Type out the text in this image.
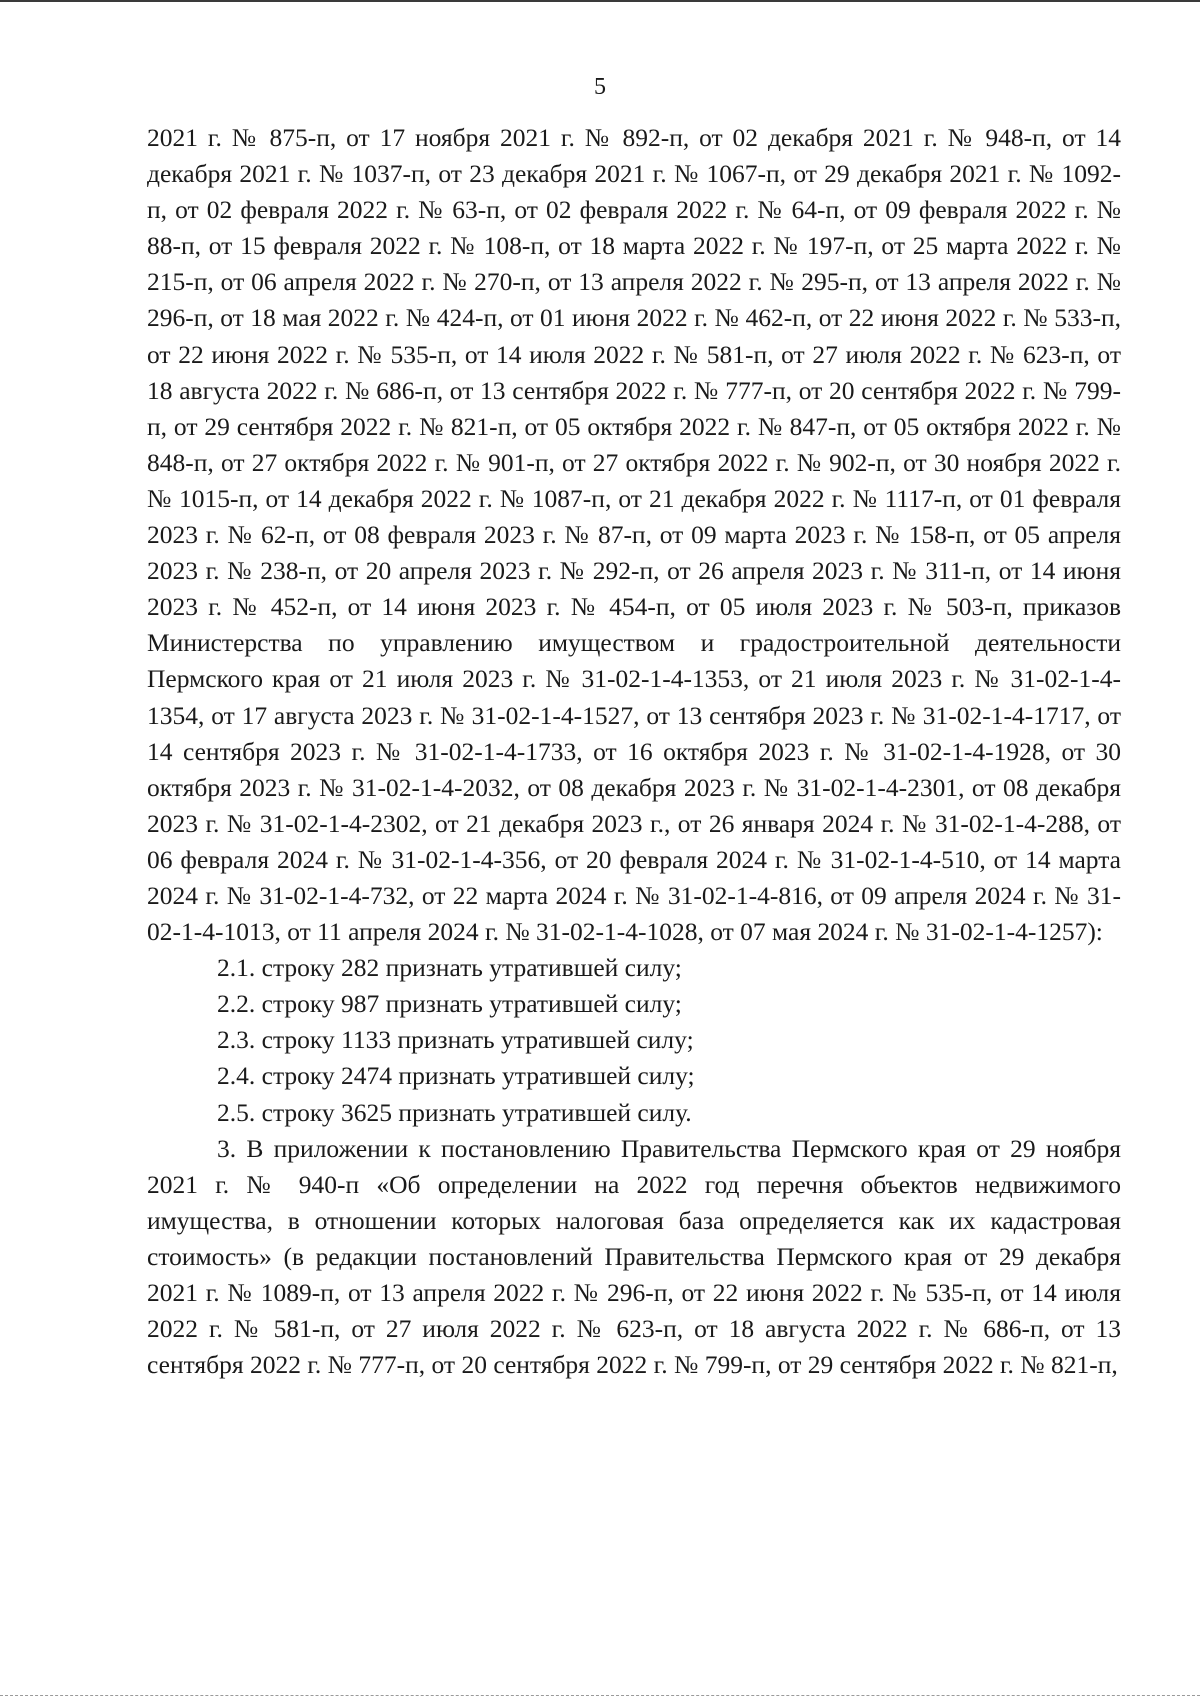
5

2021 г. № 875-п, от 17 ноября 2021 г. № 892-п, от 02 декабря 2021 г. № 948-п, от 14 декабря 2021 г. № 1037-п, от 23 декабря 2021 г. № 1067-п, от 29 декабря 2021 г. № 1092-п, от 02 февраля 2022 г. № 63-п, от 02 февраля 2022 г. № 64-п, от 09 февраля 2022 г. № 88-п, от 15 февраля 2022 г. № 108-п, от 18 марта 2022 г. № 197-п, от 25 марта 2022 г. № 215-п, от 06 апреля 2022 г. № 270-п, от 13 апреля 2022 г. № 295-п, от 13 апреля 2022 г. № 296-п, от 18 мая 2022 г. № 424-п, от 01 июня 2022 г. № 462-п, от 22 июня 2022 г. № 533-п, от 22 июня 2022 г. № 535-п, от 14 июля 2022 г. № 581-п, от 27 июля 2022 г. № 623-п, от 18 августа 2022 г. № 686-п, от 13 сентября 2022 г. № 777-п, от 20 сентября 2022 г. № 799-п, от 29 сентября 2022 г. № 821-п, от 05 октября 2022 г. № 847-п, от 05 октября 2022 г. № 848-п, от 27 октября 2022 г. № 901-п, от 27 октября 2022 г. № 902-п, от 30 ноября 2022 г. № 1015-п, от 14 декабря 2022 г. № 1087-п, от 21 декабря 2022 г. № 1117-п, от 01 февраля 2023 г. № 62-п, от 08 февраля 2023 г. № 87-п, от 09 марта 2023 г. № 158-п, от 05 апреля 2023 г. № 238-п, от 20 апреля 2023 г. № 292-п, от 26 апреля 2023 г. № 311-п, от 14 июня 2023 г. № 452-п, от 14 июня 2023 г. № 454-п, от 05 июля 2023 г. № 503-п, приказов Министерства по управлению имуществом и градостроительной деятельности Пермского края от 21 июля 2023 г. № 31-02-1-4-1353, от 21 июля 2023 г. № 31-02-1-4-1354, от 17 августа 2023 г. № 31-02-1-4-1527, от 13 сентября 2023 г. № 31-02-1-4-1717, от 14 сентября 2023 г. № 31-02-1-4-1733, от 16 октября 2023 г. № 31-02-1-4-1928, от 30 октября 2023 г. № 31-02-1-4-2032, от 08 декабря 2023 г. № 31-02-1-4-2301, от 08 декабря 2023 г. № 31-02-1-4-2302, от 21 декабря 2023 г., от 26 января 2024 г. № 31-02-1-4-288, от 06 февраля 2024 г. № 31-02-1-4-356, от 20 февраля 2024 г. № 31-02-1-4-510, от 14 марта 2024 г. № 31-02-1-4-732, от 22 марта 2024 г. № 31-02-1-4-816, от 09 апреля 2024 г. № 31-02-1-4-1013, от 11 апреля 2024 г. № 31-02-1-4-1028, от 07 мая 2024 г. № 31-02-1-4-1257):

2.1. строку 282 признать утратившей силу;

2.2. строку 987 признать утратившей силу;

2.3. строку 1133 признать утратившей силу;

2.4. строку 2474 признать утратившей силу;

2.5. строку 3625 признать утратившей силу.

3. В приложении к постановлению Правительства Пермского края от 29 ноября 2021 г. № 940-п «Об определении на 2022 год перечня объектов недвижимого имущества, в отношении которых налоговая база определяется как их кадастровая стоимость» (в редакции постановлений Правительства Пермского края от 29 декабря 2021 г. № 1089-п, от 13 апреля 2022 г. № 296-п, от 22 июня 2022 г. № 535-п, от 14 июля 2022 г. № 581-п, от 27 июля 2022 г. № 623-п, от 18 августа 2022 г. № 686-п, от 13 сентября 2022 г. № 777-п, от 20 сентября 2022 г. № 799-п, от 29 сентября 2022 г. № 821-п,
